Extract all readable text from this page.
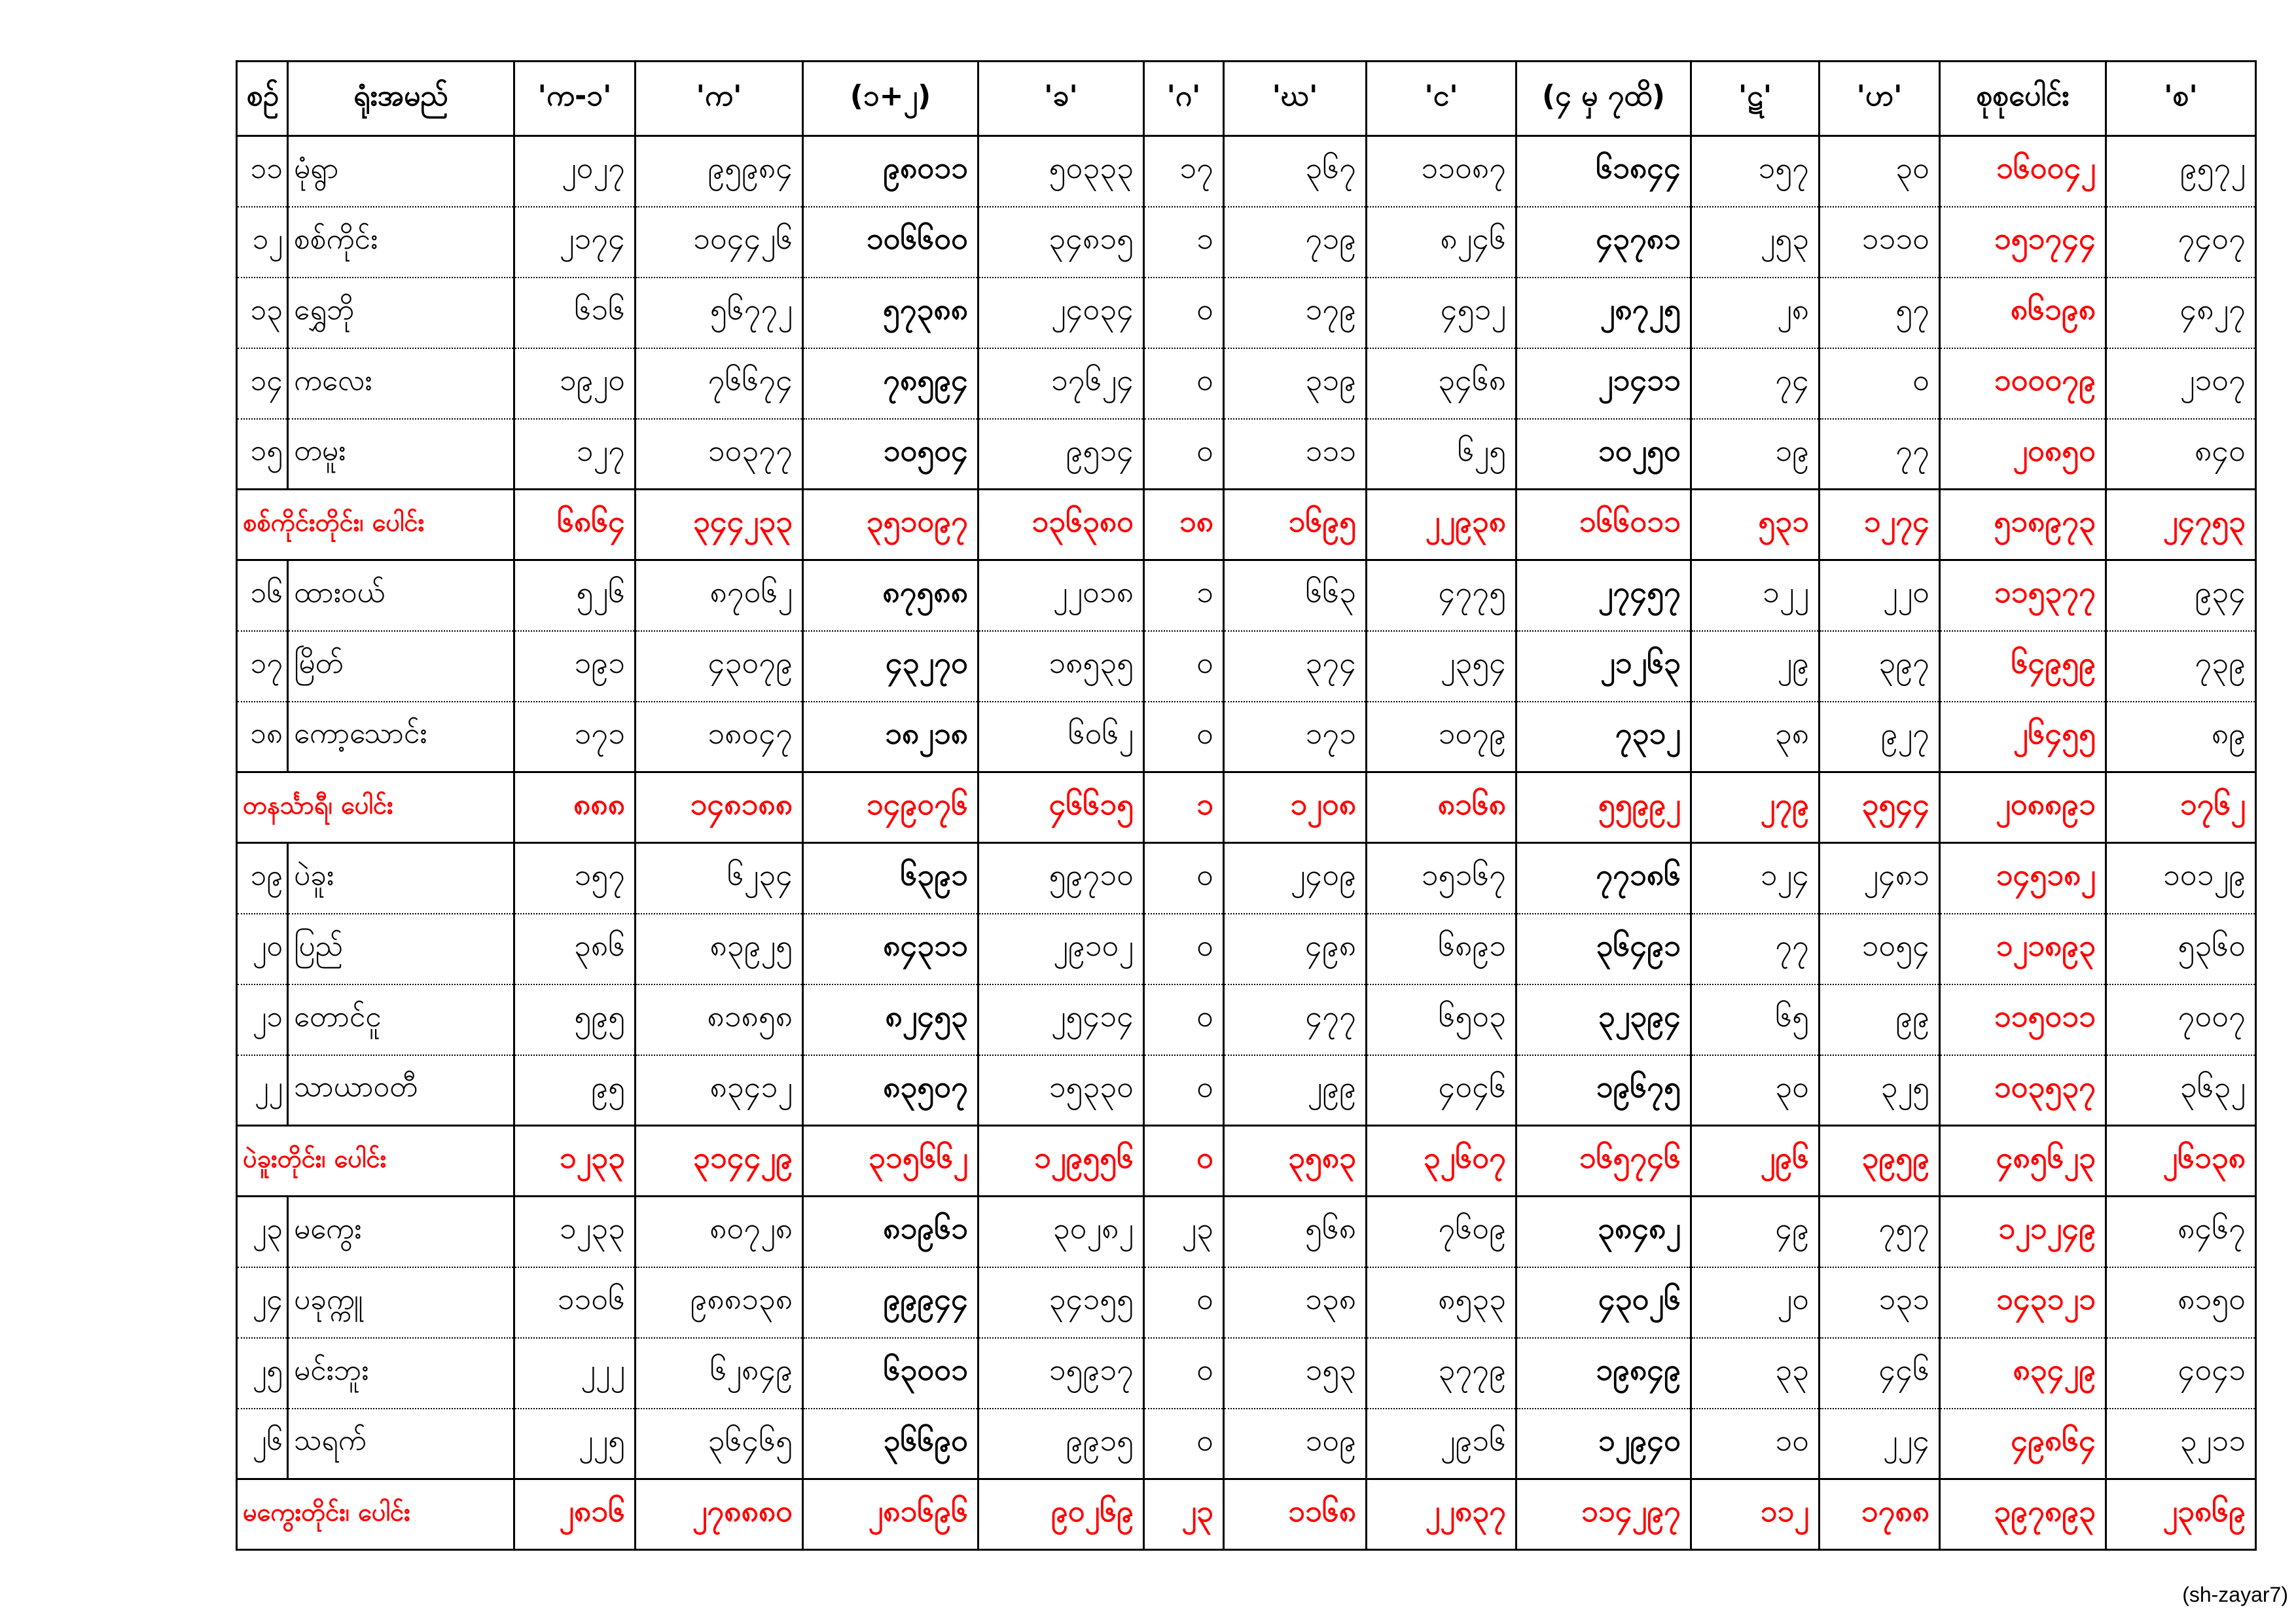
စဉ်	ရုံးအမည်	'က-၁'	'က'	(၁+၂)	'ခ'	'ဂ'	'ဃ'	'င'	(၄ မှ ၇ထိ)	'ဋ'	'ဟ'	စုစုပေါင်း	'စ'
၁၁	မုံရွာ	၂၀၂၇	၉၅၉၈၄	၉၈၀၁၁	၅၀၃၃၃	၁၇	၃၆၇	၁၁၀၈၇	၆၁၈၄၄	၁၅၇	၃၀	၁၆၀၀၄၂	၉၅၇၂
၁၂	စစ်ကိုင်း	၂၁၇၄	၁၀၄၄၂၆	၁၀၆၆၀၀	၃၄၈၁၅	၁	၇၁၉	၈၂၄၆	၄၃၇၈၁	၂၅၃	၁၁၁၀	၁၅၁၇၄၄	၇၄၀၇
၁၃	ရွှေဘို	၆၁၆	၅၆၇၇၂	၅၇၃၈၈	၂၄၀၃၄	၀	၁၇၉	၄၅၁၂	၂၈၇၂၅	၂၈	၅၇	၈၆၁၉၈	၄၈၂၇
၁၄	ကလေး	၁၉၂၀	၇၆၆၇၄	၇၈၅၉၄	၁၇၆၂၄	၀	၃၁၉	၃၄၆၈	၂၁၄၁၁	၇၄	၀	၁၀၀၀၇၉	၂၁၀၇
၁၅	တမူး	၁၂၇	၁၀၃၇၇	၁၀၅၀၄	၉၅၁၄	၀	၁၁၁	၆၂၅	၁၀၂၅၀	၁၉	၇၇	၂၀၈၅၀	၈၄၀
စစ်ကိုင်းတိုင်း၊ ပေါင်း		၆၈၆၄	၃၄၄၂၃၃	၃၅၁၀၉၇	၁၃၆၃၈၀	၁၈	၁၆၉၅	၂၂၉၃၈	၁၆၆၀၁၁	၅၃၁	၁၂၇၄	၅၁၈၉၇၃	၂၄၇၅၃
၁၆	ထားဝယ်	၅၂၆	၈၇၀၆၂	၈၇၅၈၈	၂၂၀၁၈	၁	၆၆၃	၄၇၇၅	၂၇၄၅၇	၁၂၂	၂၂၀	၁၁၅၃၇၇	၉၃၄
၁၇	မြိတ်	၁၉၁	၄၃၀၇၉	၄၃၂၇၀	၁၈၅၃၅	၀	၃၇၄	၂၃၅၄	၂၁၂၆၃	၂၉	၃၉၇	၆၄၉၅၉	၇၃၉
၁၈	ကော့သောင်း	၁၇၁	၁၈၀၄၇	၁၈၂၁၈	၆၀၆၂	၀	၁၇၁	၁၀၇၉	၇၃၁၂	၃၈	၉၂၇	၂၆၄၅၅	၈၉
တနင်္သာရီ၊ ပေါင်း		၈၈၈	၁၄၈၁၈၈	၁၄၉၀၇၆	၄၆၆၁၅	၁	၁၂၀၈	၈၁၆၈	၅၅၉၉၂	၂၇၉	၃၅၄၄	၂၀၈၈၉၁	၁၇၆၂
၁၉	ပဲခူး	၁၅၇	၆၂၃၄	၆၃၉၁	၅၉၇၁၀	၀	၂၄၀၉	၁၅၁၆၇	၇၇၁၈၆	၁၂၄	၂၄၈၁	၁၄၅၁၈၂	၁၀၁၂၉
၂၀	ပြည်	၃၈၆	၈၃၉၂၅	၈၄၃၁၁	၂၉၁၀၂	၀	၄၉၈	၆၈၉၁	၃၆၄၉၁	၇၇	၁၀၅၄	၁၂၁၈၉၃	၅၃၆၀
၂၁	တောင်ငူ	၅၉၅	၈၁၈၅၈	၈၂၄၅၃	၂၅၄၁၄	၀	၄၇၇	၆၅၀၃	၃၂၃၉၄	၆၅	၉၉	၁၁၅၀၁၁	၇၀၀၇
၂၂	သာယာဝတီ	၉၅	၈၃၄၁၂	၈၃၅၀၇	၁၅၃၃၀	၀	၂၉၉	၄၀၄၆	၁၉၆၇၅	၃၀	၃၂၅	၁၀၃၅၃၇	၃၆၃၂
ပဲခူးတိုင်း၊ ပေါင်း		၁၂၃၃	၃၁၄၄၂၉	၃၁၅၆၆၂	၁၂၉၅၅၆	၀	၃၅၈၃	၃၂၆၀၇	၁၆၅၇၄၆	၂၉၆	၃၉၅၉	၄၈၅၆၂၃	၂၆၁၃၈
၂၃	မကွေး	၁၂၃၃	၈၀၇၂၈	၈၁၉၆၁	၃၀၂၈၂	၂၃	၅၆၈	၇၆၀၉	၃၈၄၈၂	၄၉	၇၅၇	၁၂၁၂၄၉	၈၄၆၇
၂၄	ပခုက္ကူ	၁၁၀၆	၉၈၈၁၃၈	၉၉၉၄၄	၃၄၁၅၅	၀	၁၃၈	၈၅၃၃	၄၃၀၂၆	၂၀	၁၃၁	၁၄၃၁၂၁	၈၁၅၀
၂၅	မင်းဘူး	၂၂၂	၆၂၈၄၉	၆၃၀၀၁	၁၅၉၁၇	၀	၁၅၃	၃၇၇၉	၁၉၈၄၉	၃၃	၄၄၆	၈၃၄၂၉	၄၀၄၁
၂၆	သရက်	၂၂၅	၃၆၄၆၅	၃၆၆၉၀	၉၉၁၅	၀	၁၀၉	၂၉၁၆	၁၂၉၄၀	၁၀	၂၂၄	၄၉၈၆၄	၃၂၁၁
မကွေးတိုင်း၊ ပေါင်း		၂၈၁၆	၂၇၈၈၈၀	၂၈၁၆၉၆	၉၀၂၆၉	၂၃	၁၁၆၈	၂၂၈၃၇	၁၁၄၂၉၇	၁၁၂	၁၇၈၈	၃၉၇၈၉၃	၂၃၈၆၉
(sh-zayar7)
